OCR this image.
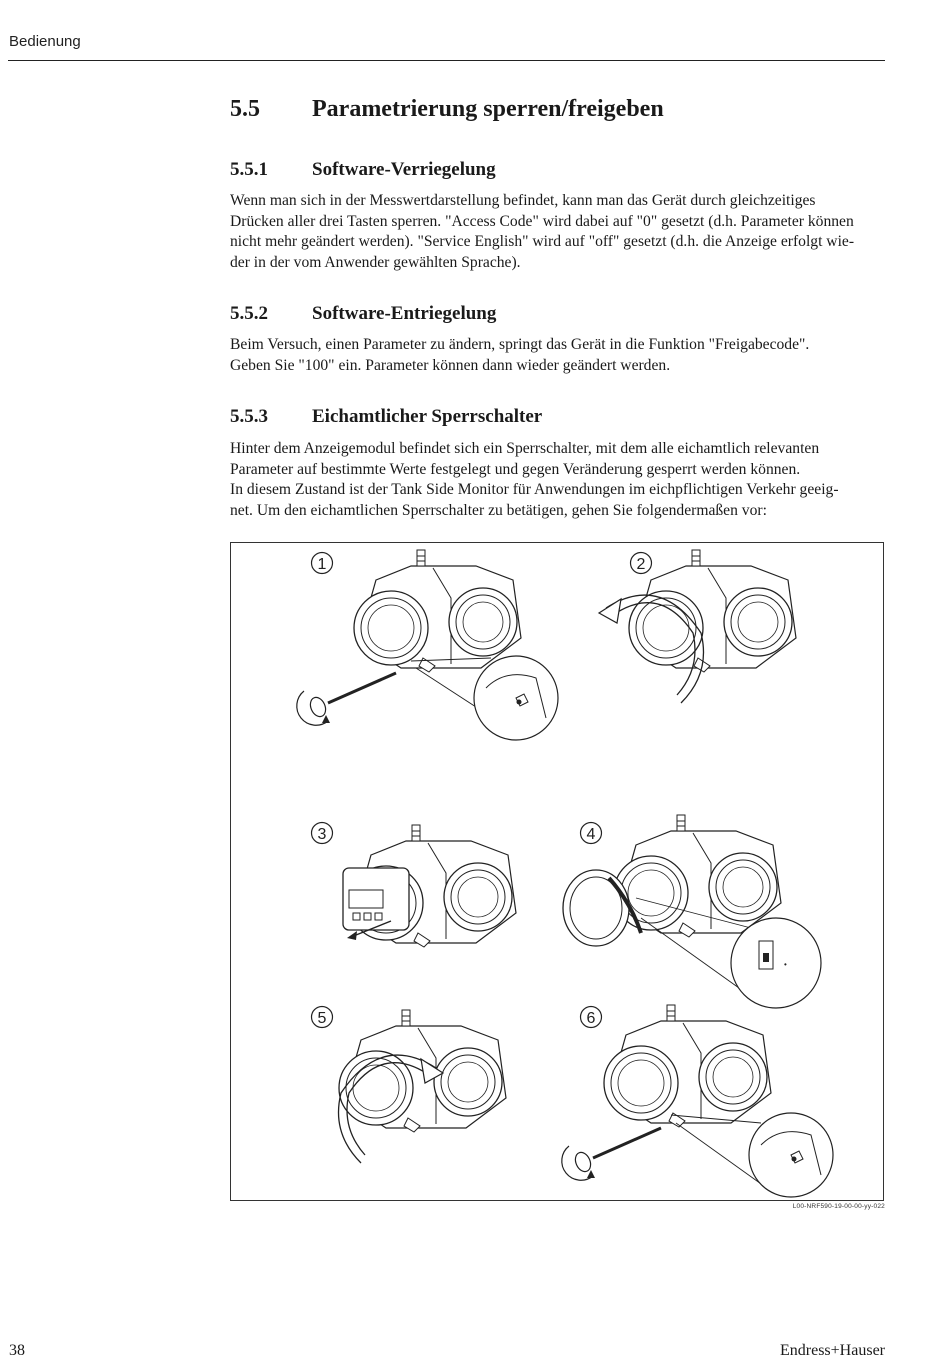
Bedienung
5.5 Parametrierung sperren/freigeben
5.5.1 Software-Verriegelung

Wenn man sich in der Messwertdarstellung befindet, kann man das Gerät durch gleichzeitiges

Drücken aller drei Tasten sperren. "Access Code" wird dabei auf "0" gesetzt (d.h. Parameter können

nicht mehr geändert werden). "Service English" wird auf "off" gesetzt (d.h. die Anzeige erfolgt wie-

der in der vom Anwender gewählten Sprache).

5.5.2 Software-Entriegelung

Beim Versuch, einen Parameter zu ändern, springt das Gerät in die Funktion "Freigabecode".

Geben Sie "100" ein. Parameter können dann wieder geändert werden.

5.5.3 Eichamtlicher Sperrschalter

Hinter dem Anzeigemodul befindet sich ein Sperrschalter, mit dem alle eichamtlich relevanten

Parameter auf bestimmte Werte festgelegt und gegen Veränderung gesperrt werden können.

In diesem Zustand ist der Tank Side Monitor für Anwendungen im eichpflichtigen Verkehr geeig-

net. Um den eichamtlichen Sperrschalter zu betätigen, gehen Sie folgendermaßen vor:

1	2
3	4
•
5	6
L00-NRF590-19-00-00-yy-022
38	Endress+Hauser
